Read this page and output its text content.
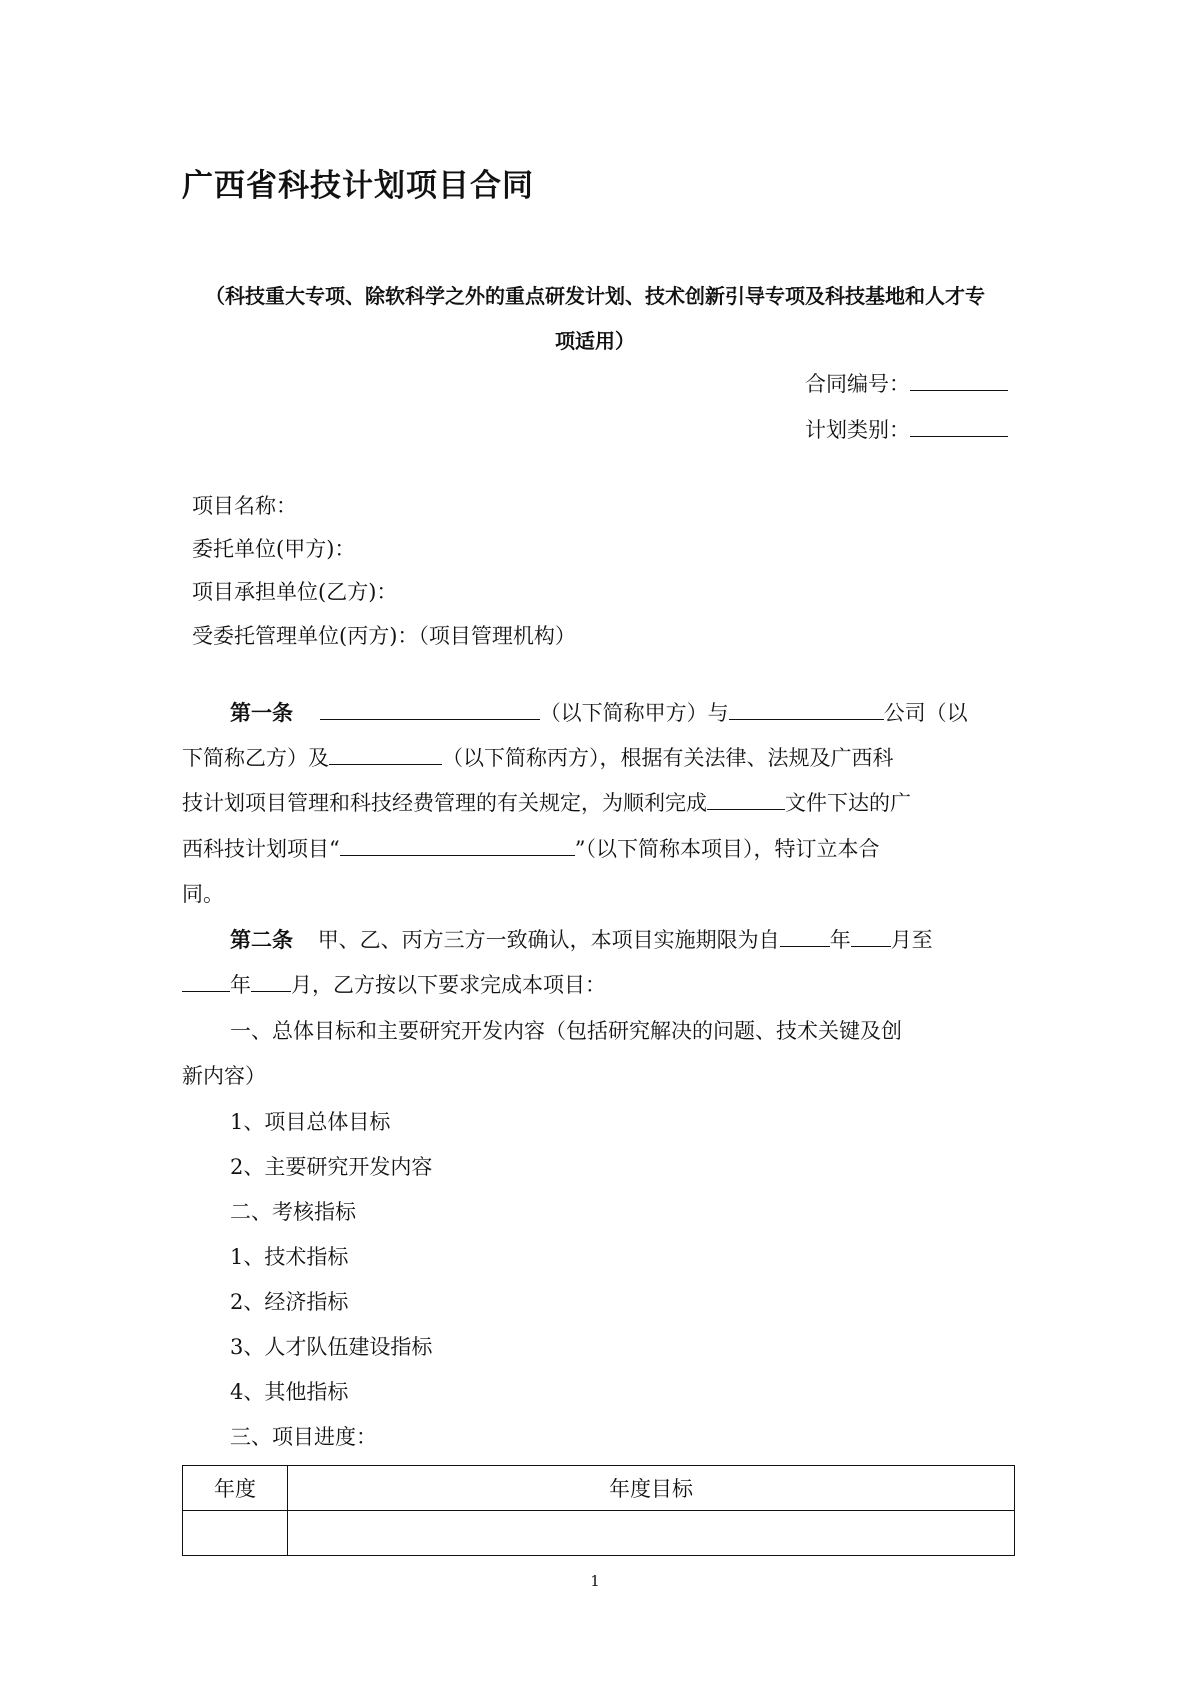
广西省科技计划项目合同
（科技重大专项、除软科学之外的重点研发计划、技术创新引导专项及科技基地和人才专
项适用）
合同编号：
计划类别：
项目名称：
委托单位(甲方)：
项目承担单位(乙方)：
受委托管理单位(丙方)：（项目管理机构）
第一条	（以下简称甲方）与	公司（以
下简称乙方）及	（以下简称丙方），根据有关法律、法规及广西科
技计划项目管理和科技经费管理的有关规定，为顺利完成	文件下达的广
西科技计划项目“	”（以下简称本项目），特订立本合
同。
第二条 甲、乙、丙方三方一致确认，本项目实施期限为自 年 月至
年 月，乙方按以下要求完成本项目：
一、总体目标和主要研究开发内容（包括研究解决的问题、技术关键及创
新内容）
1、项目总体目标
2、主要研究开发内容
二、考核指标
1、技术指标
2、经济指标
3、人才队伍建设指标
4、其他指标
三、项目进度：
年度	年度目标

1
